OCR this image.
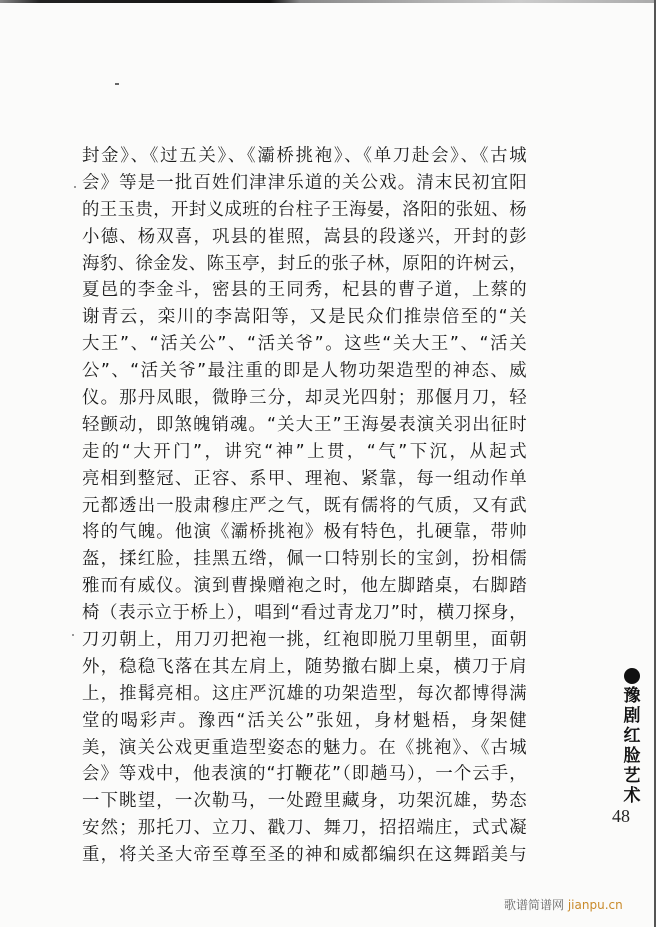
封金》、《过五关》、《灞桥挑袍》、《单刀赴会》、《古城
会》等是一批百姓们津津乐道的关公戏。清末民初宜阳
的王玉贵，开封义成班的台柱子王海晏，洛阳的张妞、杨
小德、杨双喜，巩县的崔照，嵩县的段遂兴，开封的彭
海豹、徐金发、陈玉亭，封丘的张子林，原阳的许树云，
夏邑的李金斗，密县的王同秀，杞县的曹子道，上蔡的
谢青云，栾川的李嵩阳等，又是民众们推崇倍至的“关
大王”、“活关公”、“活关爷”。这些“关大王”、“活关
公”、“活关爷”最注重的即是人物功架造型的神态、威
仪。那丹凤眼，微睁三分，却灵光四射；那偃月刀，轻
轻颤动，即煞魄销魂。“关大王”王海晏表演关羽出征时
走的“大开门”，讲究“神”上贯，“气”下沉，从起式
亮相到整冠、正容、系甲、理袍、紧靠，每一组动作单
元都透出一股肃穆庄严之气，既有儒将的气质，又有武
将的气魄。他演《灞桥挑袍》极有特色，扎硬靠，带帅
盔，揉红脸，挂黑五绺，佩一口特别长的宝剑，扮相儒
雅而有威仪。演到曹操赠袍之时，他左脚踏桌，右脚踏
椅（表示立于桥上），唱到“看过青龙刀”时，横刀探身，
刀刃朝上，用刀刃把袍一挑，红袍即脱刀里朝里，面朝
外，稳稳飞落在其左肩上，随势撤右脚上桌，横刀于肩
上，推髯亮相。这庄严沉雄的功架造型，每次都博得满
堂的喝彩声。豫西“活关公”张妞，身材魁梧，身架健
美，演关公戏更重造型姿态的魅力。在《挑袍》、《古城
会》等戏中，他表演的“打鞭花”（即趟马），一个云手，
一下眺望，一次勒马，一处蹬里藏身，功架沉雄，势态
安然；那托刀、立刀、戳刀、舞刀，招招端庄，式式凝
重，将关圣大帝至尊至圣的神和威都编织在这舞蹈美与
豫
剧
红
脸
艺
术
48
歌谱简谱网 jianpu.cn
